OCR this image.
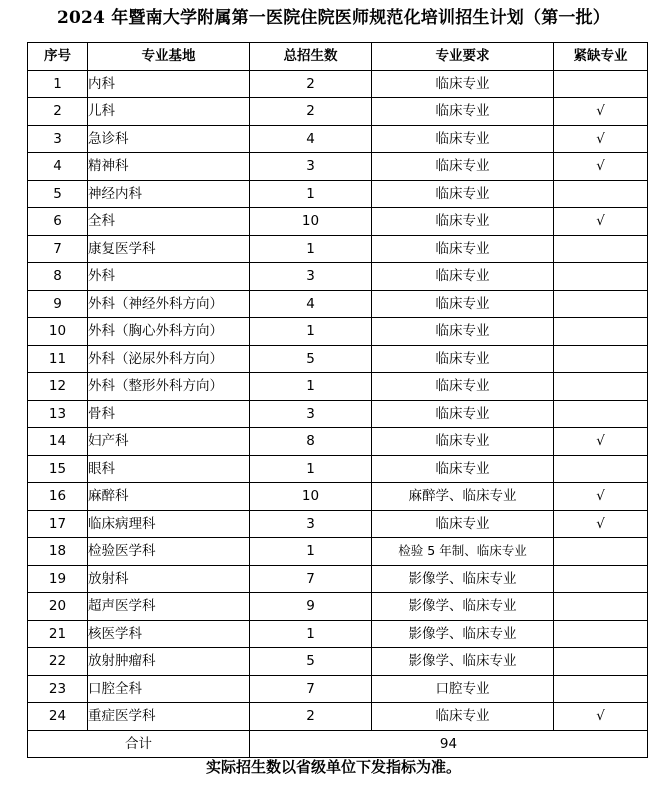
2024 年暨南大学附属第一医院住院医师规范化培训招生计划（第一批）
序号	专业基地	总招生数	专业要求	紧缺专业
1	内科	2	临床专业	
2	儿科	2	临床专业	√
3	急诊科	4	临床专业	√
4	精神科	3	临床专业	√
5	神经内科	1	临床专业	
6	全科	10	临床专业	√
7	康复医学科	1	临床专业	
8	外科	3	临床专业	
9	外科（神经外科方向）	4	临床专业	
10	外科（胸心外科方向）	1	临床专业	
11	外科（泌尿外科方向）	5	临床专业	
12	外科（整形外科方向）	1	临床专业	
13	骨科	3	临床专业	
14	妇产科	8	临床专业	√
15	眼科	1	临床专业	
16	麻醉科	10	麻醉学、临床专业	√
17	临床病理科	3	临床专业	√
18	检验医学科	1	检验 5 年制、临床专业	
19	放射科	7	影像学、临床专业	
20	超声医学科	9	影像学、临床专业	
21	核医学科	1	影像学、临床专业	
22	放射肿瘤科	5	影像学、临床专业	
23	口腔全科	7	口腔专业	
24	重症医学科	2	临床专业	√
合计		94		
实际招生数以省级单位下发指标为准。
